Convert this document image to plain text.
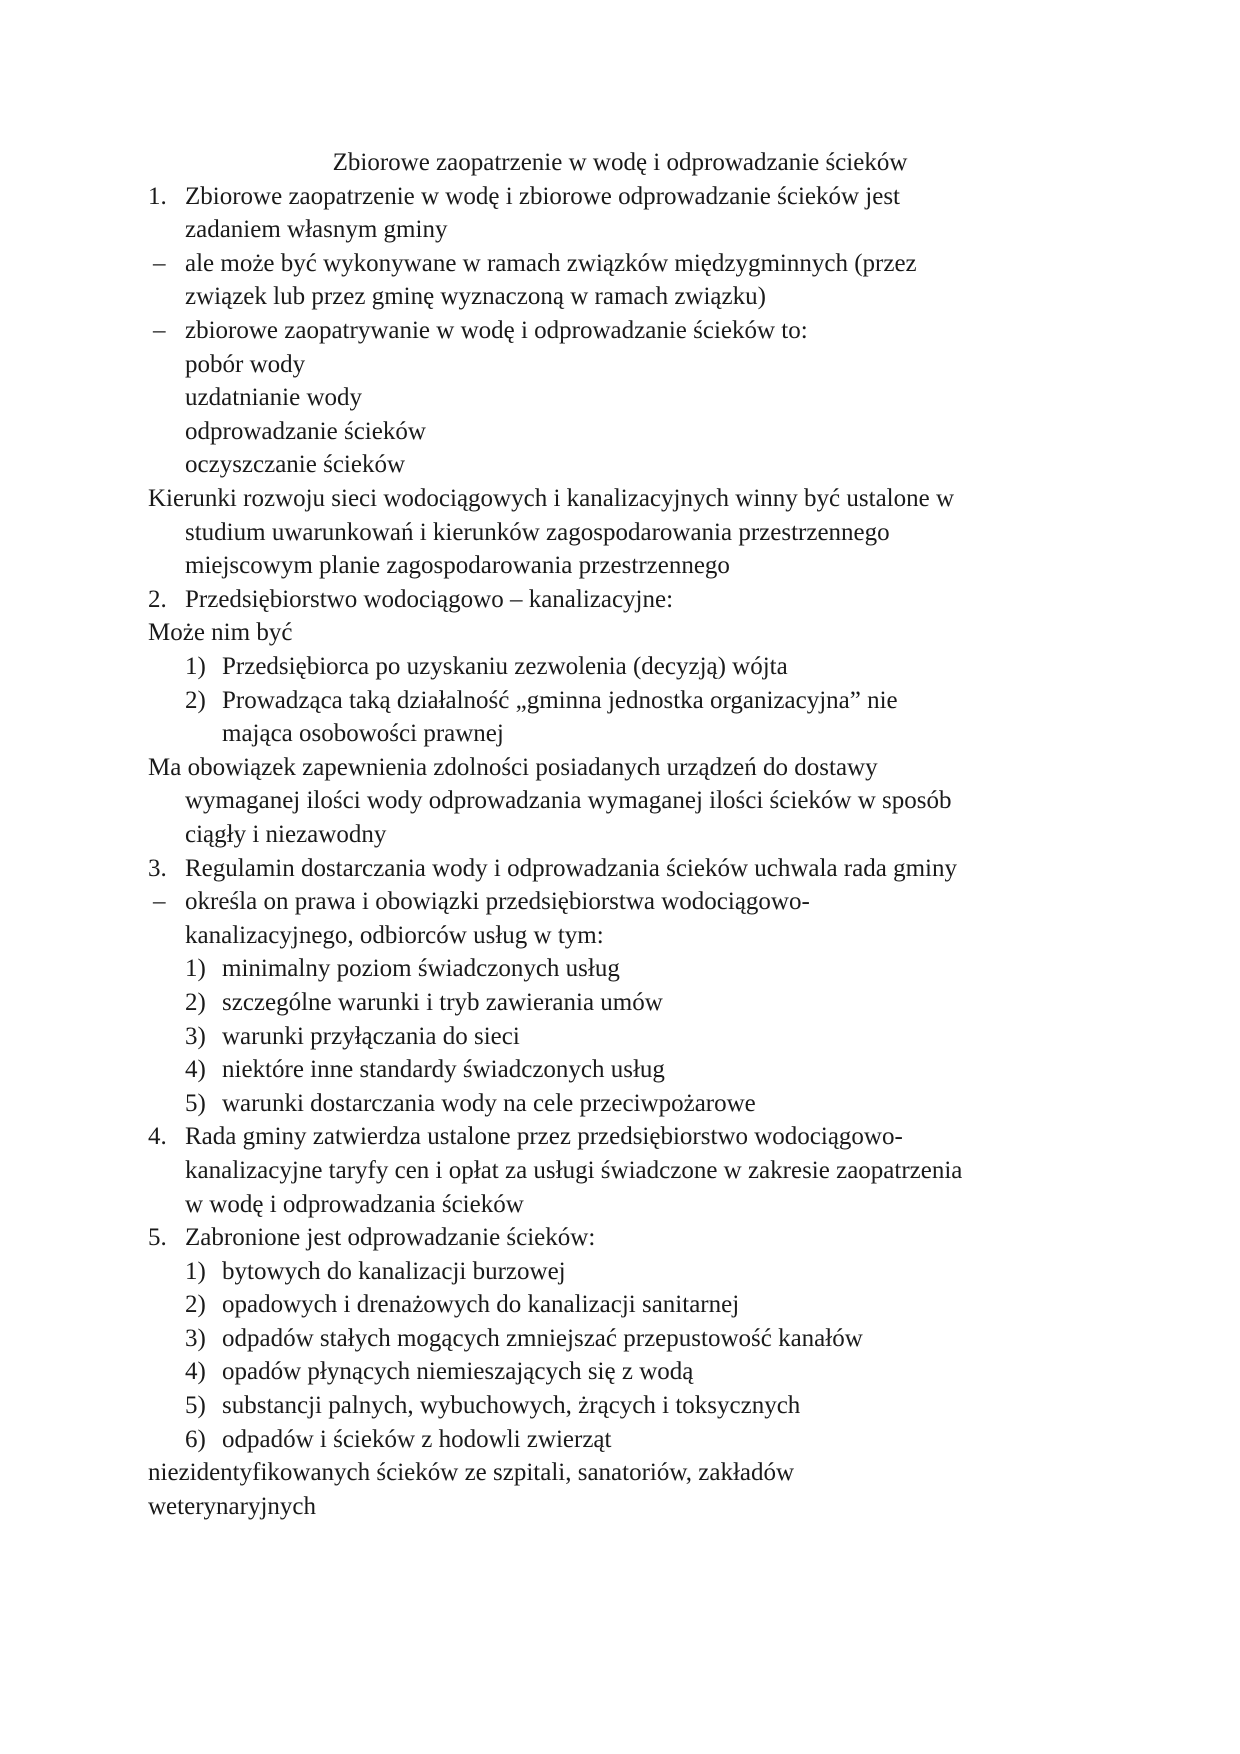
Zbiorowe zaopatrzenie w wodę i odprowadzanie ścieków
1. Zbiorowe zaopatrzenie w wodę i zbiorowe odprowadzanie ścieków jest
zadaniem własnym gminy
– ale może być wykonywane w ramach związków międzygminnych (przez
związek lub przez gminę wyznaczoną w ramach związku)
– zbiorowe zaopatrywanie w wodę i odprowadzanie ścieków to:
pobór wody
uzdatnianie wody
odprowadzanie ścieków
oczyszczanie ścieków
Kierunki rozwoju sieci wodociągowych i kanalizacyjnych winny być ustalone w
studium uwarunkowań i kierunków zagospodarowania przestrzennego
miejscowym planie zagospodarowania przestrzennego
2. Przedsiębiorstwo wodociągowo – kanalizacyjne:
Może nim być
1) Przedsiębiorca po uzyskaniu zezwolenia (decyzją) wójta
2) Prowadząca taką działalność „gminna jednostka organizacyjna” nie
mająca osobowości prawnej
Ma obowiązek zapewnienia zdolności posiadanych urządzeń do dostawy
wymaganej ilości wody odprowadzania wymaganej ilości ścieków w sposób
ciągły i niezawodny
3. Regulamin dostarczania wody i odprowadzania ścieków uchwala rada gminy
– określa on prawa i obowiązki przedsiębiorstwa wodociągowo-
kanalizacyjnego, odbiorców usług w tym:
1) minimalny poziom świadczonych usług
2) szczególne warunki i tryb zawierania umów
3) warunki przyłączania do sieci
4) niektóre inne standardy świadczonych usług
5) warunki dostarczania wody na cele przeciwpożarowe
4. Rada gminy zatwierdza ustalone przez przedsiębiorstwo wodociągowo-
kanalizacyjne taryfy cen i opłat za usługi świadczone w zakresie zaopatrzenia
w wodę i odprowadzania ścieków
5. Zabronione jest odprowadzanie ścieków:
1) bytowych do kanalizacji burzowej
2) opadowych i drenażowych do kanalizacji sanitarnej
3) odpadów stałych mogących zmniejszać przepustowość kanałów
4) opadów płynących niemieszających się z wodą
5) substancji palnych, wybuchowych, żrących i toksycznych
6) odpadów i ścieków z hodowli zwierząt
niezidentyfikowanych ścieków ze szpitali, sanatoriów, zakładów
weterynaryjnych
